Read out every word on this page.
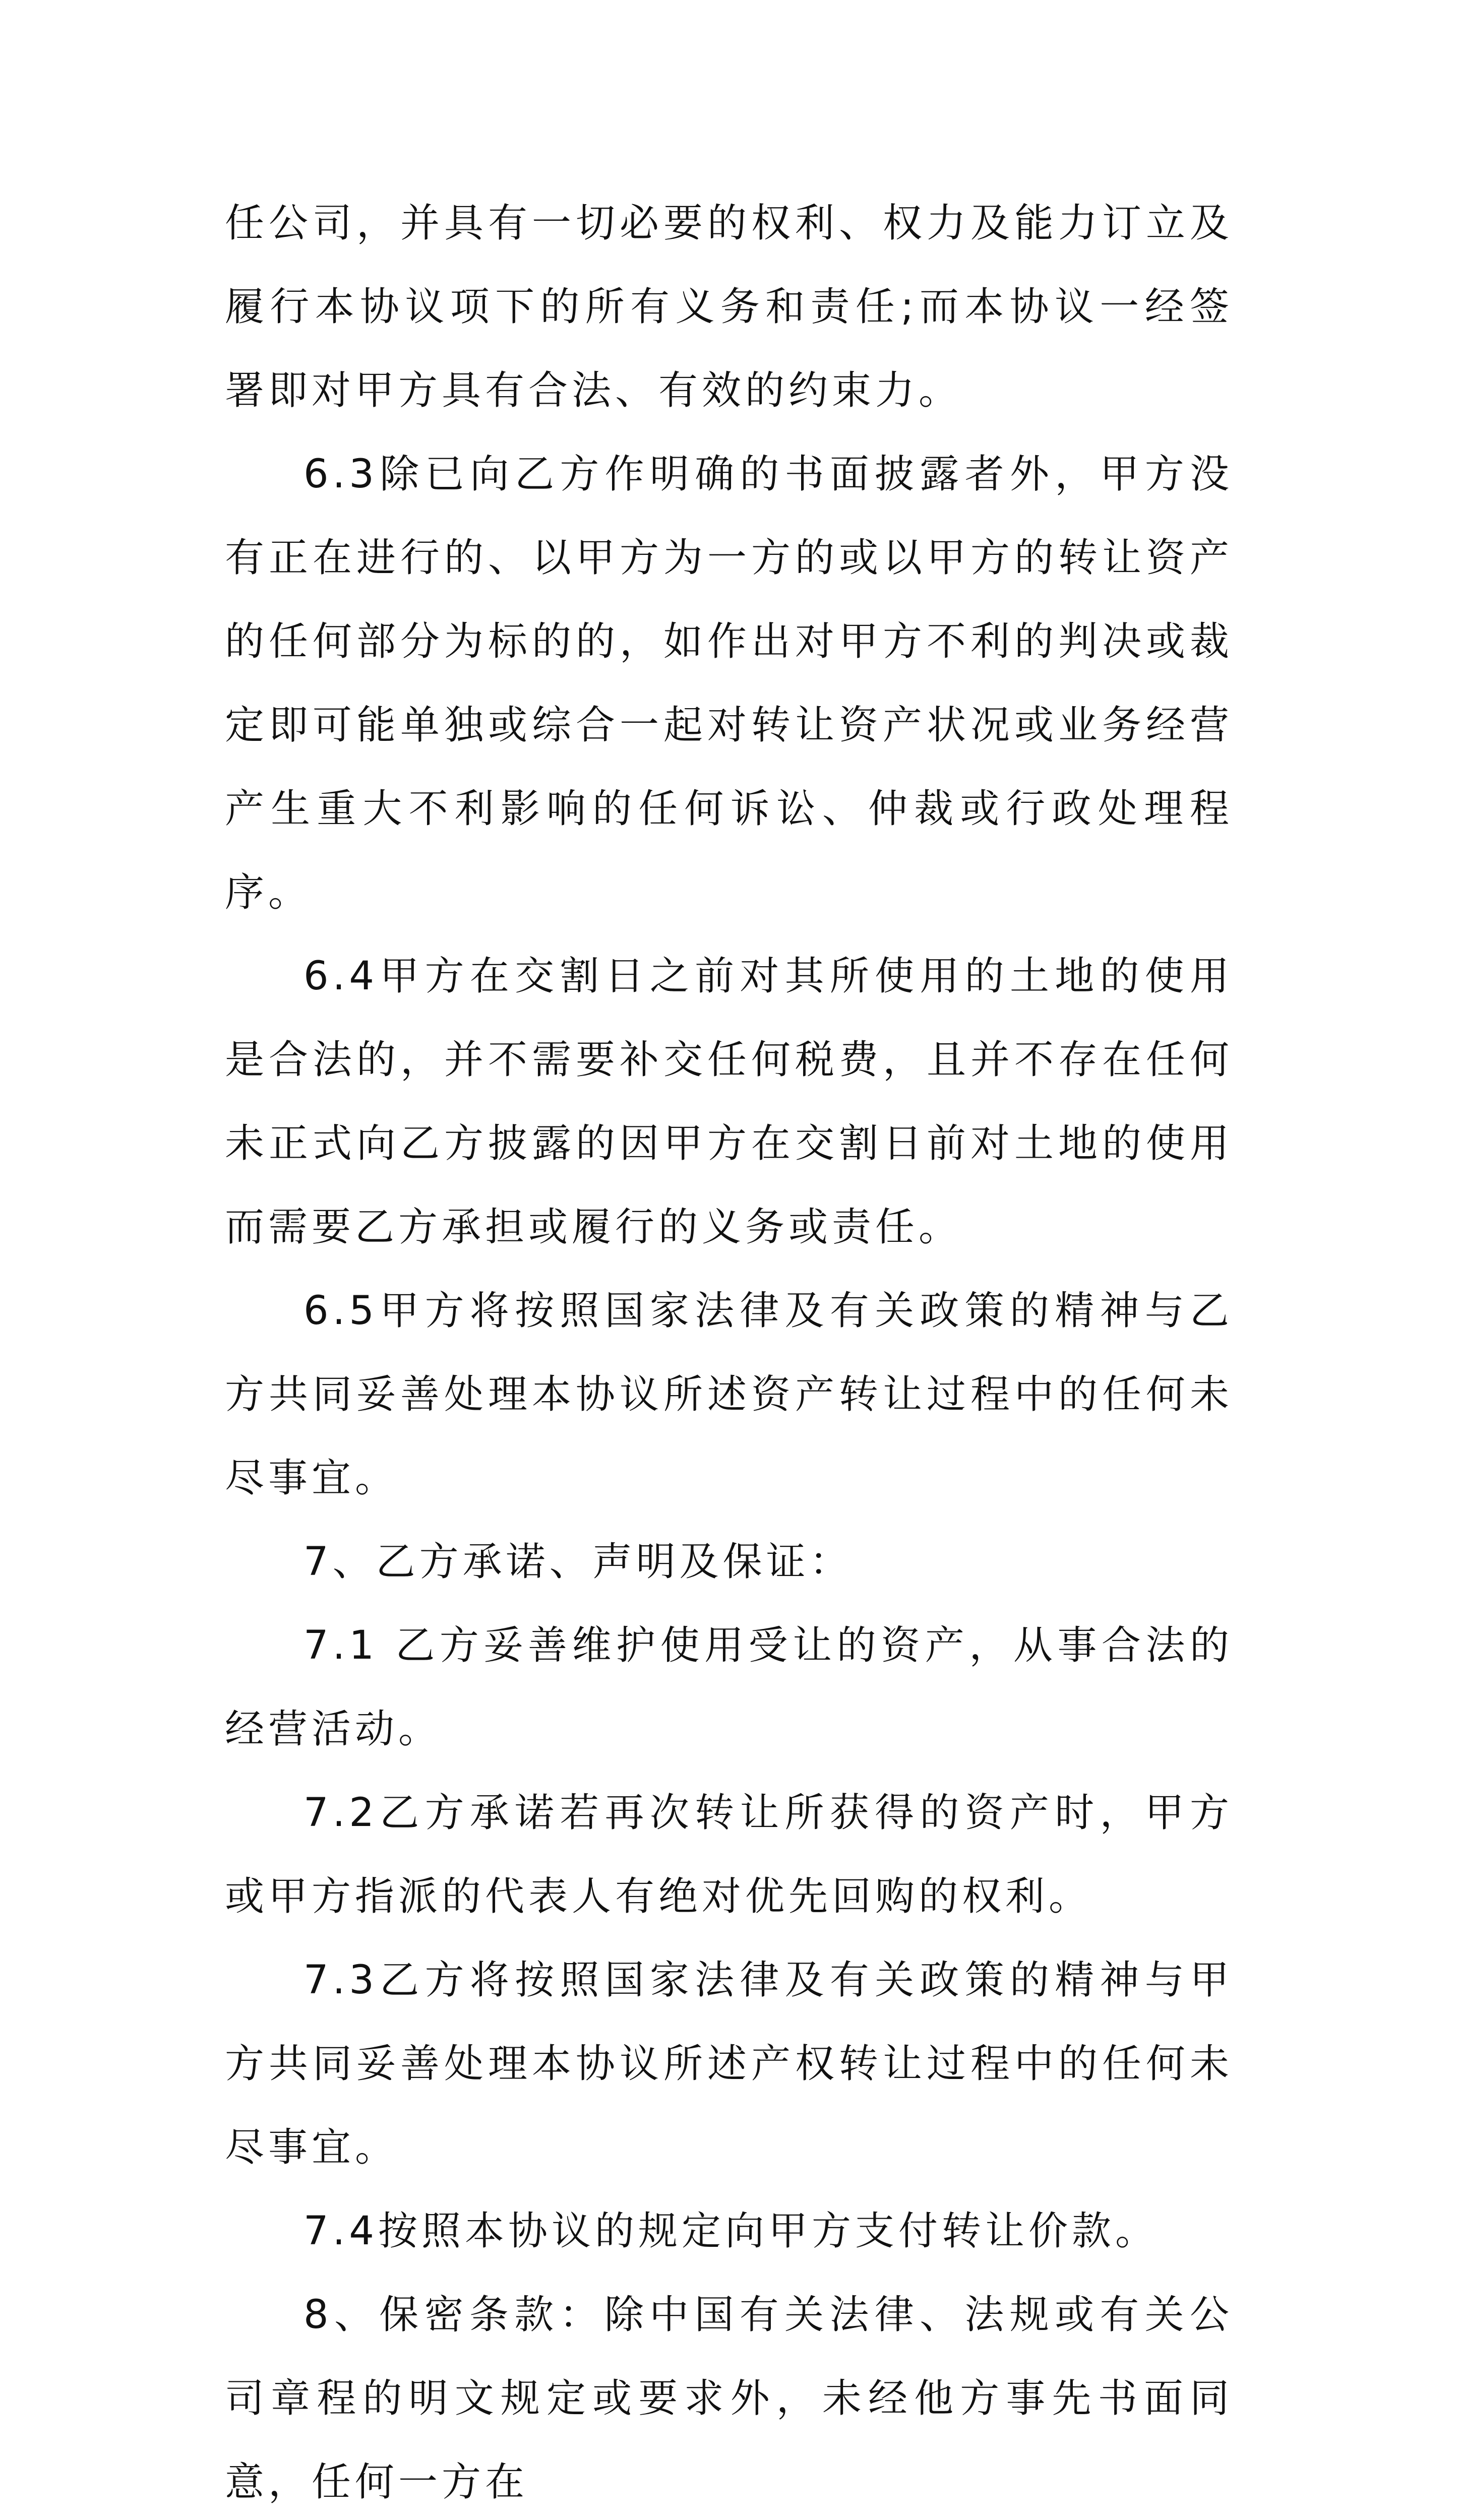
任公司，并具有一切必要的权利、权力及能力订立及履行本协议项下的所有义务和责任;而本协议一经签署即对甲方具有合法、有效的约束力。

6.3除已向乙方作明确的书面披露者外，甲方没有正在进行的、以甲方为一方的或以甲方的转让资产的任何部分为标的的，如作出对甲方不利的判决或裁定即可能单独或综合一起对转让资产状况或业务经营产生重大不利影响的任何诉讼、仲裁或行政处理程序。

6.4甲方在交割日之前对其所使用的土地的使用是合法的，并不需要补交任何税费，且并不存在任何未正式向乙方披露的因甲方在交割日前对土地的使用而需要乙方承担或履行的义务或责任。

6.5甲方将按照国家法律及有关政策的精神与乙方共同妥善处理本协议所述资产转让过程中的任何未尽事宜。

7、乙方承诺、声明及保证：

7.1 乙方妥善维护使用受让的资产，从事合法的经营活动。

7.2乙方承诺若再次转让所获得的资产时，甲方或甲方指派的代表人有绝对优先回购的权利。

7.3乙方将按照国家法律及有关政策的精神与甲方共同妥善处理本协议所述产权转让过程中的任何未尽事宜。

7.4按照本协议的规定向甲方支付转让价款。

8、保密条款：除中国有关法律、法规或有关公司章程的明文规定或要求外，未经他方事先书面同意，任何一方在
